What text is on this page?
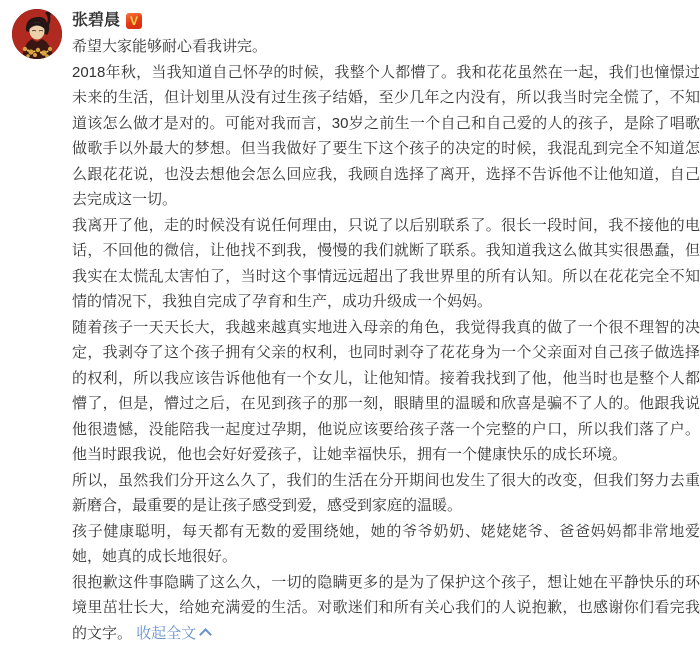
张碧晨 V

希望大家能够耐心看我讲完。

2018年秋，当我知道自己怀孕的时候，我整个人都懵了。我和花花虽然在一起，我们也憧憬过未来的生活，但计划里从没有过生孩子结婚，至少几年之内没有，所以我当时完全慌了，不知道该怎么做才是对的。可能对我而言，30岁之前生一个自己和自己爱的人的孩子，是除了唱歌做歌手以外最大的梦想。但当我做好了要生下这个孩子的决定的时候，我混乱到完全不知道怎么跟花花说，也没去想他会怎么回应我，我顾自选择了离开，选择不告诉他不让他知道，自己去完成这一切。

我离开了他，走的时候没有说任何理由，只说了以后别联系了。很长一段时间，我不接他的电话，不回他的微信，让他找不到我，慢慢的我们就断了联系。我知道我这么做其实很愚蠢，但我实在太慌乱太害怕了，当时这个事情远远超出了我世界里的所有认知。所以在花花完全不知情的情况下，我独自完成了孕育和生产，成功升级成一个妈妈。

随着孩子一天天长大，我越来越真实地进入母亲的角色，我觉得我真的做了一个很不理智的决定，我剥夺了这个孩子拥有父亲的权利，也同时剥夺了花花身为一个父亲面对自己孩子做选择的权利，所以我应该告诉他他有一个女儿，让他知情。接着我找到了他，他当时也是整个人都懵了，但是，懵过之后，在见到孩子的那一刻，眼睛里的温暖和欣喜是骗不了人的。他跟我说他很遗憾，没能陪我一起度过孕期，他说应该要给孩子落一个完整的户口，所以我们落了户。他当时跟我说，他也会好好爱孩子，让她幸福快乐，拥有一个健康快乐的成长环境。

所以，虽然我们分开这么久了，我们的生活在分开期间也发生了很大的改变，但我们努力去重新磨合，最重要的是让孩子感受到爱，感受到家庭的温暖。

孩子健康聪明，每天都有无数的爱围绕她，她的爷爷奶奶、姥姥姥爷、爸爸妈妈都非常地爱她，她真的成长地很好。

很抱歉这件事隐瞒了这么久，一切的隐瞒更多的是为了保护这个孩子，想让她在平静快乐的环境里茁壮长大，给她充满爱的生活。对歌迷们和所有关心我们的人说抱歉，也感谢你们看完我的文字。 收起全文
